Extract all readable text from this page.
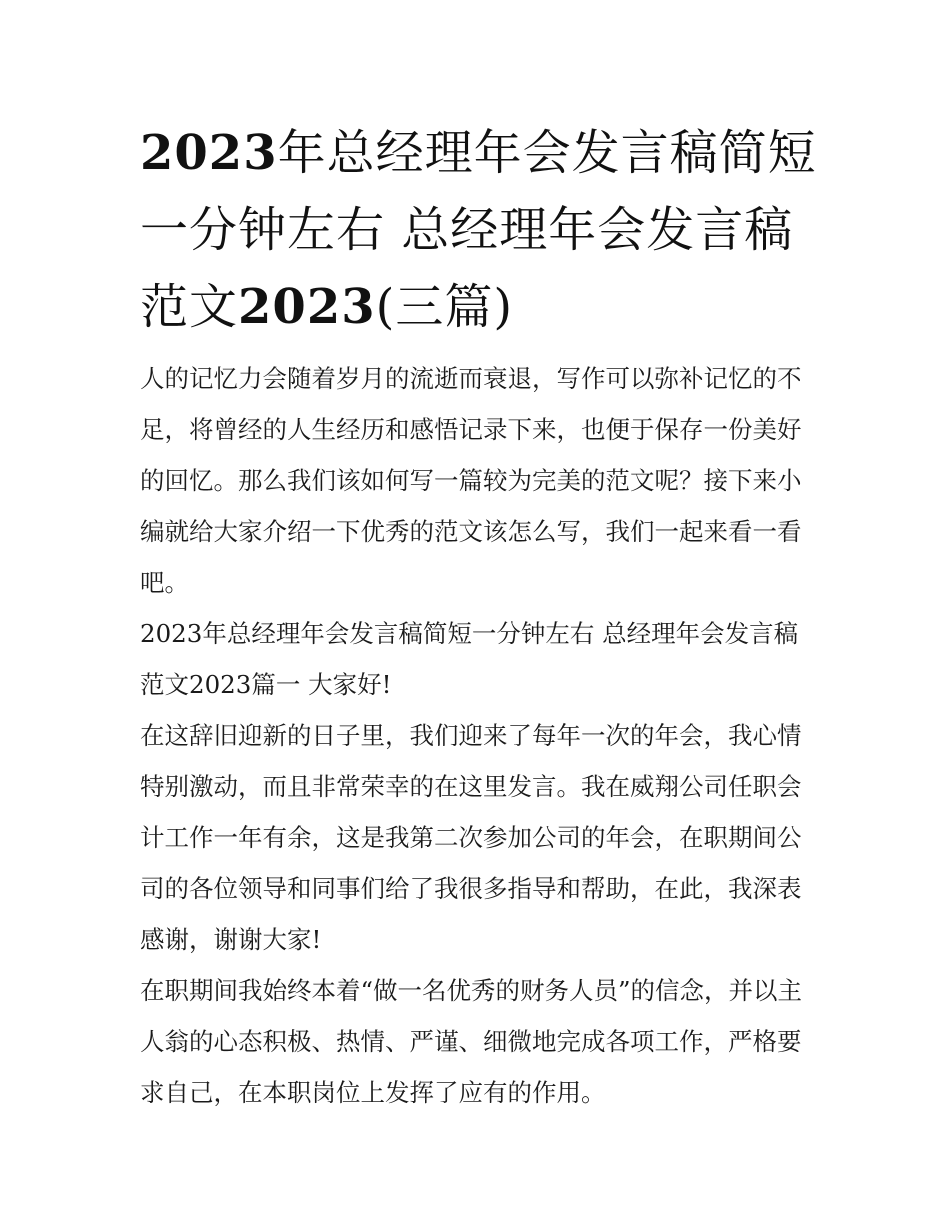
2023年总经理年会发言稿简短一分钟左右 总经理年会发言稿范文2023(三篇)

人的记忆力会随着岁月的流逝而衰退，写作可以弥补记忆的不足，将曾经的人生经历和感悟记录下来，也便于保存一份美好的回忆。那么我们该如何写一篇较为完美的范文呢？接下来小编就给大家介绍一下优秀的范文该怎么写，我们一起来看一看吧。

2023年总经理年会发言稿简短一分钟左右 总经理年会发言稿范文2023篇一 大家好!

在这辞旧迎新的日子里，我们迎来了每年一次的年会，我心情特别激动，而且非常荣幸的在这里发言。我在威翔公司任职会计工作一年有余，这是我第二次参加公司的年会，在职期间公司的各位领导和同事们给了我很多指导和帮助，在此，我深表感谢，谢谢大家!

在职期间我始终本着“做一名优秀的财务人员”的信念，并以主人翁的心态积极、热情、严谨、细微地完成各项工作，严格要求自己，在本职岗位上发挥了应有的作用。
